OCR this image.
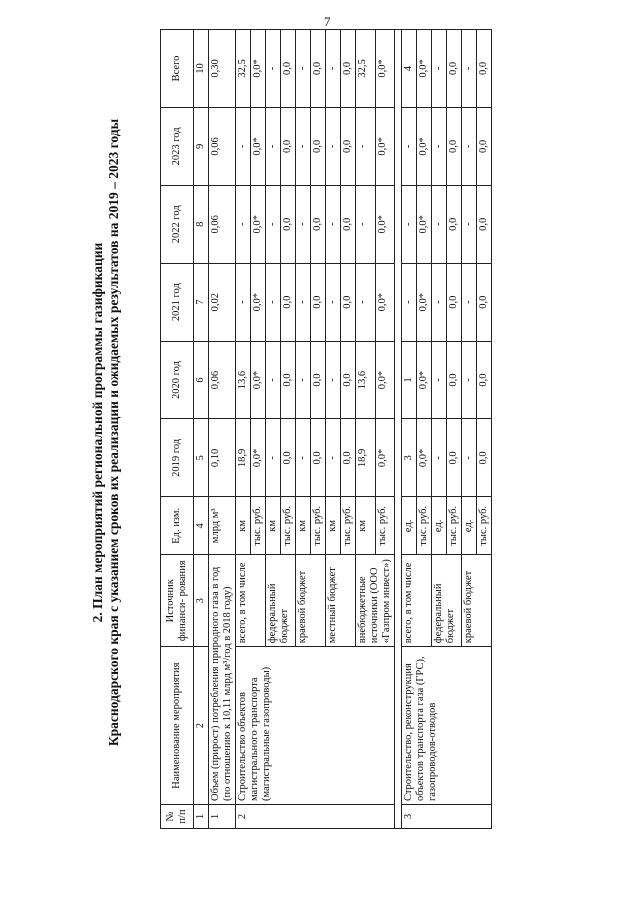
7
2. План мероприятий региональной программы газификации Краснодарского края с указанием сроков их реализации и ожидаемых результатов на 2019 – 2023 годы
№ п/п	Наименование мероприятия	Источник финанси- рования	Ед. изм.	2019 год	2020 год	2021 год	2022 год	2023 год	Всего
1	2	3	4	5	6	7	8	9	10
1	Объем (прирост) потребления природного газа в год (по отношению к 10,11 млрд м³/год в 2018 году)		млрд м³	0,10	0,06	0,02	0,06	0,06	0,30
2	Строительство объектов магистрального транспорта (магистральные газопроводы)	всего, в том числе	км	18,9	13,6	-	-	-	32,5
			тыс. руб.	0,0*	0,0*	0,0*	0,0*	0,0*	0,0*
		федеральный бюджет	км	-	-	-	-	-	-
			тыс. руб.	0,0	0,0	0,0	0,0	0,0	0,0
		краевой бюджет	км	-	-	-	-	-	-
			тыс. руб.	0,0	0,0	0,0	0,0	0,0	0,0
		местный бюджет	км	-	-	-	-	-	-
			тыс. руб.	0,0	0,0	0,0	0,0	0,0	0,0
		внебюджетные источники (ООО «Газпром инвест»)	км	18,9	13,6	-	-	-	32,5
			тыс. руб.	0,0*	0,0*	0,0*	0,0*	0,0*	0,0*

3	Строительство, реконструкция объектов транспорта газа (ГРС), газопроводов-отводов	всего, в том числе	ед.	3	1	-	-	-	4
			тыс. руб.	0,0*	0,0*	0,0*	0,0*	0,0*	0,0*
		федеральный бюджет	ед.	-	-	-	-	-	-
			тыс. руб.	0,0	0,0	0,0	0,0	0,0	0,0
		краевой бюджет	ед.	-	-	-	-	-	-
			тыс. руб.	0,0	0,0	0,0	0,0	0,0	0,0
